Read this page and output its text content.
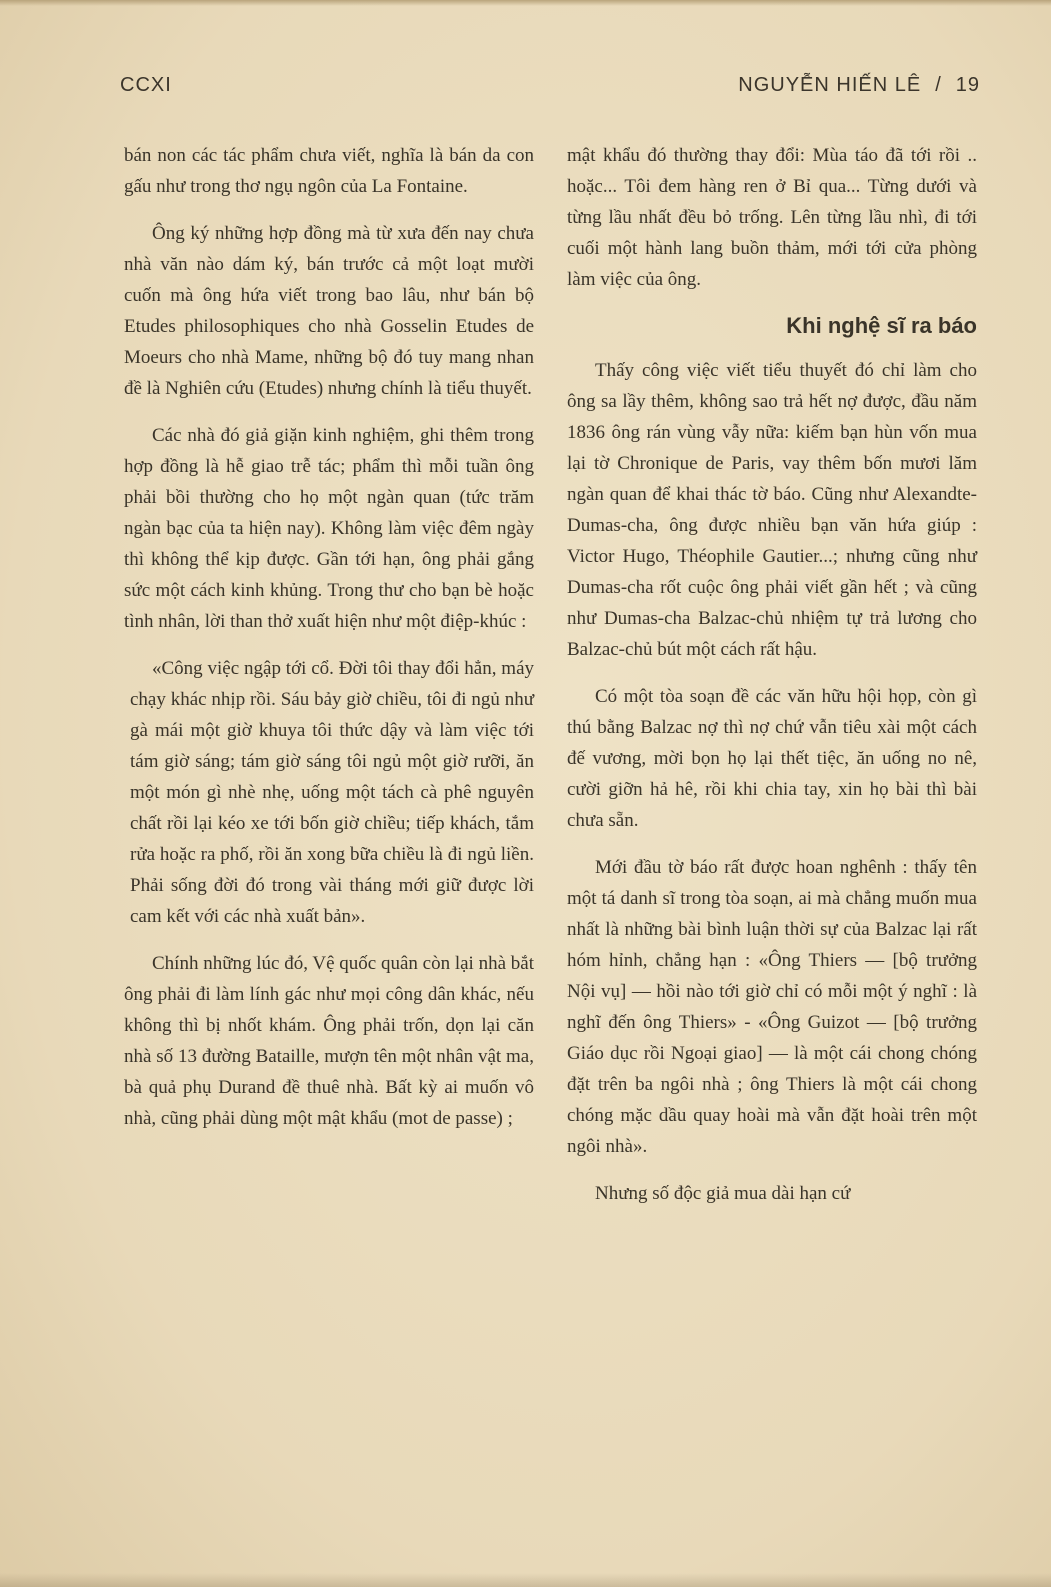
CCXI	NGUYỄN HIẾN LÊ / 19

bán non các tác phẩm chưa viết, nghĩa là bán da con gấu như trong thơ ngụ ngôn của La Fontaine.

Ông ký những hợp đồng mà từ xưa đến nay chưa nhà văn nào dám ký, bán trước cả một loạt mười cuốn mà ông hứa viết trong bao lâu, như bán bộ Etudes philosophiques cho nhà Gosselin Etudes de Moeurs cho nhà Mame, những bộ đó tuy mang nhan đề là Nghiên cứu (Etudes) nhưng chính là tiểu thuyết.

Các nhà đó giả giặn kinh nghiệm, ghi thêm trong hợp đồng là hễ giao trễ tác; phẩm thì mỗi tuần ông phải bồi thường cho họ một ngàn quan (tức trăm ngàn bạc của ta hiện nay). Không làm việc đêm ngày thì không thể kịp được. Gần tới hạn, ông phải gắng sức một cách kinh khủng. Trong thư cho bạn bè hoặc tình nhân, lời than thở xuất hiện như một điệp-khúc :

«Công việc ngập tới cổ. Đời tôi thay đổi hẳn, máy chạy khác nhịp rồi. Sáu bảy giờ chiều, tôi đi ngủ như gà mái một giờ khuya tôi thức dậy và làm việc tới tám giờ sáng; tám giờ sáng tôi ngủ một giờ rưỡi, ăn một món gì nhè nhẹ, uống một tách cà phê nguyên chất rồi lại kéo xe tới bốn giờ chiều; tiếp khách, tắm rửa hoặc ra phố, rồi ăn xong bữa chiều là đi ngủ liền. Phải sống đời đó trong vài tháng mới giữ được lời cam kết với các nhà xuất bản».

Chính những lúc đó, Vệ quốc quân còn lại nhà bắt ông phải đi làm lính gác như mọi công dân khác, nếu không thì bị nhốt khám. Ông phải trốn, dọn lại căn nhà số 13 đường Bataille, mượn tên một nhân vật ma, bà quả phụ Durand đề thuê nhà. Bất kỳ ai muốn vô nhà, cũng phải dùng một mật khẩu (mot de passe) ;

mật khẩu đó thường thay đổi: Mùa táo đã tới rồi .. hoặc... Tôi đem hàng ren ở Bỉ qua... Từng dưới và từng lầu nhất đều bỏ trống. Lên từng lầu nhì, đi tới cuối một hành lang buồn thảm, mới tới cửa phòng làm việc của ông.

Khi nghệ sĩ ra báo

Thấy công việc viết tiểu thuyết đó chỉ làm cho ông sa lầy thêm, không sao trả hết nợ được, đầu năm 1836 ông rán vùng vẫy nữa: kiếm bạn hùn vốn mua lại tờ Chronique de Paris, vay thêm bốn mươi lăm ngàn quan để khai thác tờ báo. Cũng như Alexandte-Dumas-cha, ông được nhiều bạn văn hứa giúp : Victor Hugo, Théophile Gautier...; nhưng cũng như Dumas-cha rốt cuộc ông phải viết gần hết ; và cũng như Dumas-cha Balzac-chủ nhiệm tự trả lương cho Balzac-chủ bút một cách rất hậu.

Có một tòa soạn đề các văn hữu hội họp, còn gì thú bằng Balzac nợ thì nợ chứ vẫn tiêu xài một cách đế vương, mời bọn họ lại thết tiệc, ăn uống no nê, cười giỡn hả hê, rồi khi chia tay, xin họ bài thì bài chưa sẵn.

Mới đầu tờ báo rất được hoan nghênh : thấy tên một tá danh sĩ trong tòa soạn, ai mà chẳng muốn mua nhất là những bài bình luận thời sự của Balzac lại rất hóm hỉnh, chẳng hạn : «Ông Thiers — [bộ trưởng Nội vụ] — hồi nào tới giờ chỉ có mỗi một ý nghĩ : là nghĩ đến ông Thiers» - «Ông Guizot — [bộ trưởng Giáo dục rồi Ngoại giao] — là một cái chong chóng đặt trên ba ngôi nhà ; ông Thiers là một cái chong chóng mặc dầu quay hoài mà vẫn đặt hoài trên một ngôi nhà».

Nhưng số độc giả mua dài hạn cứ
